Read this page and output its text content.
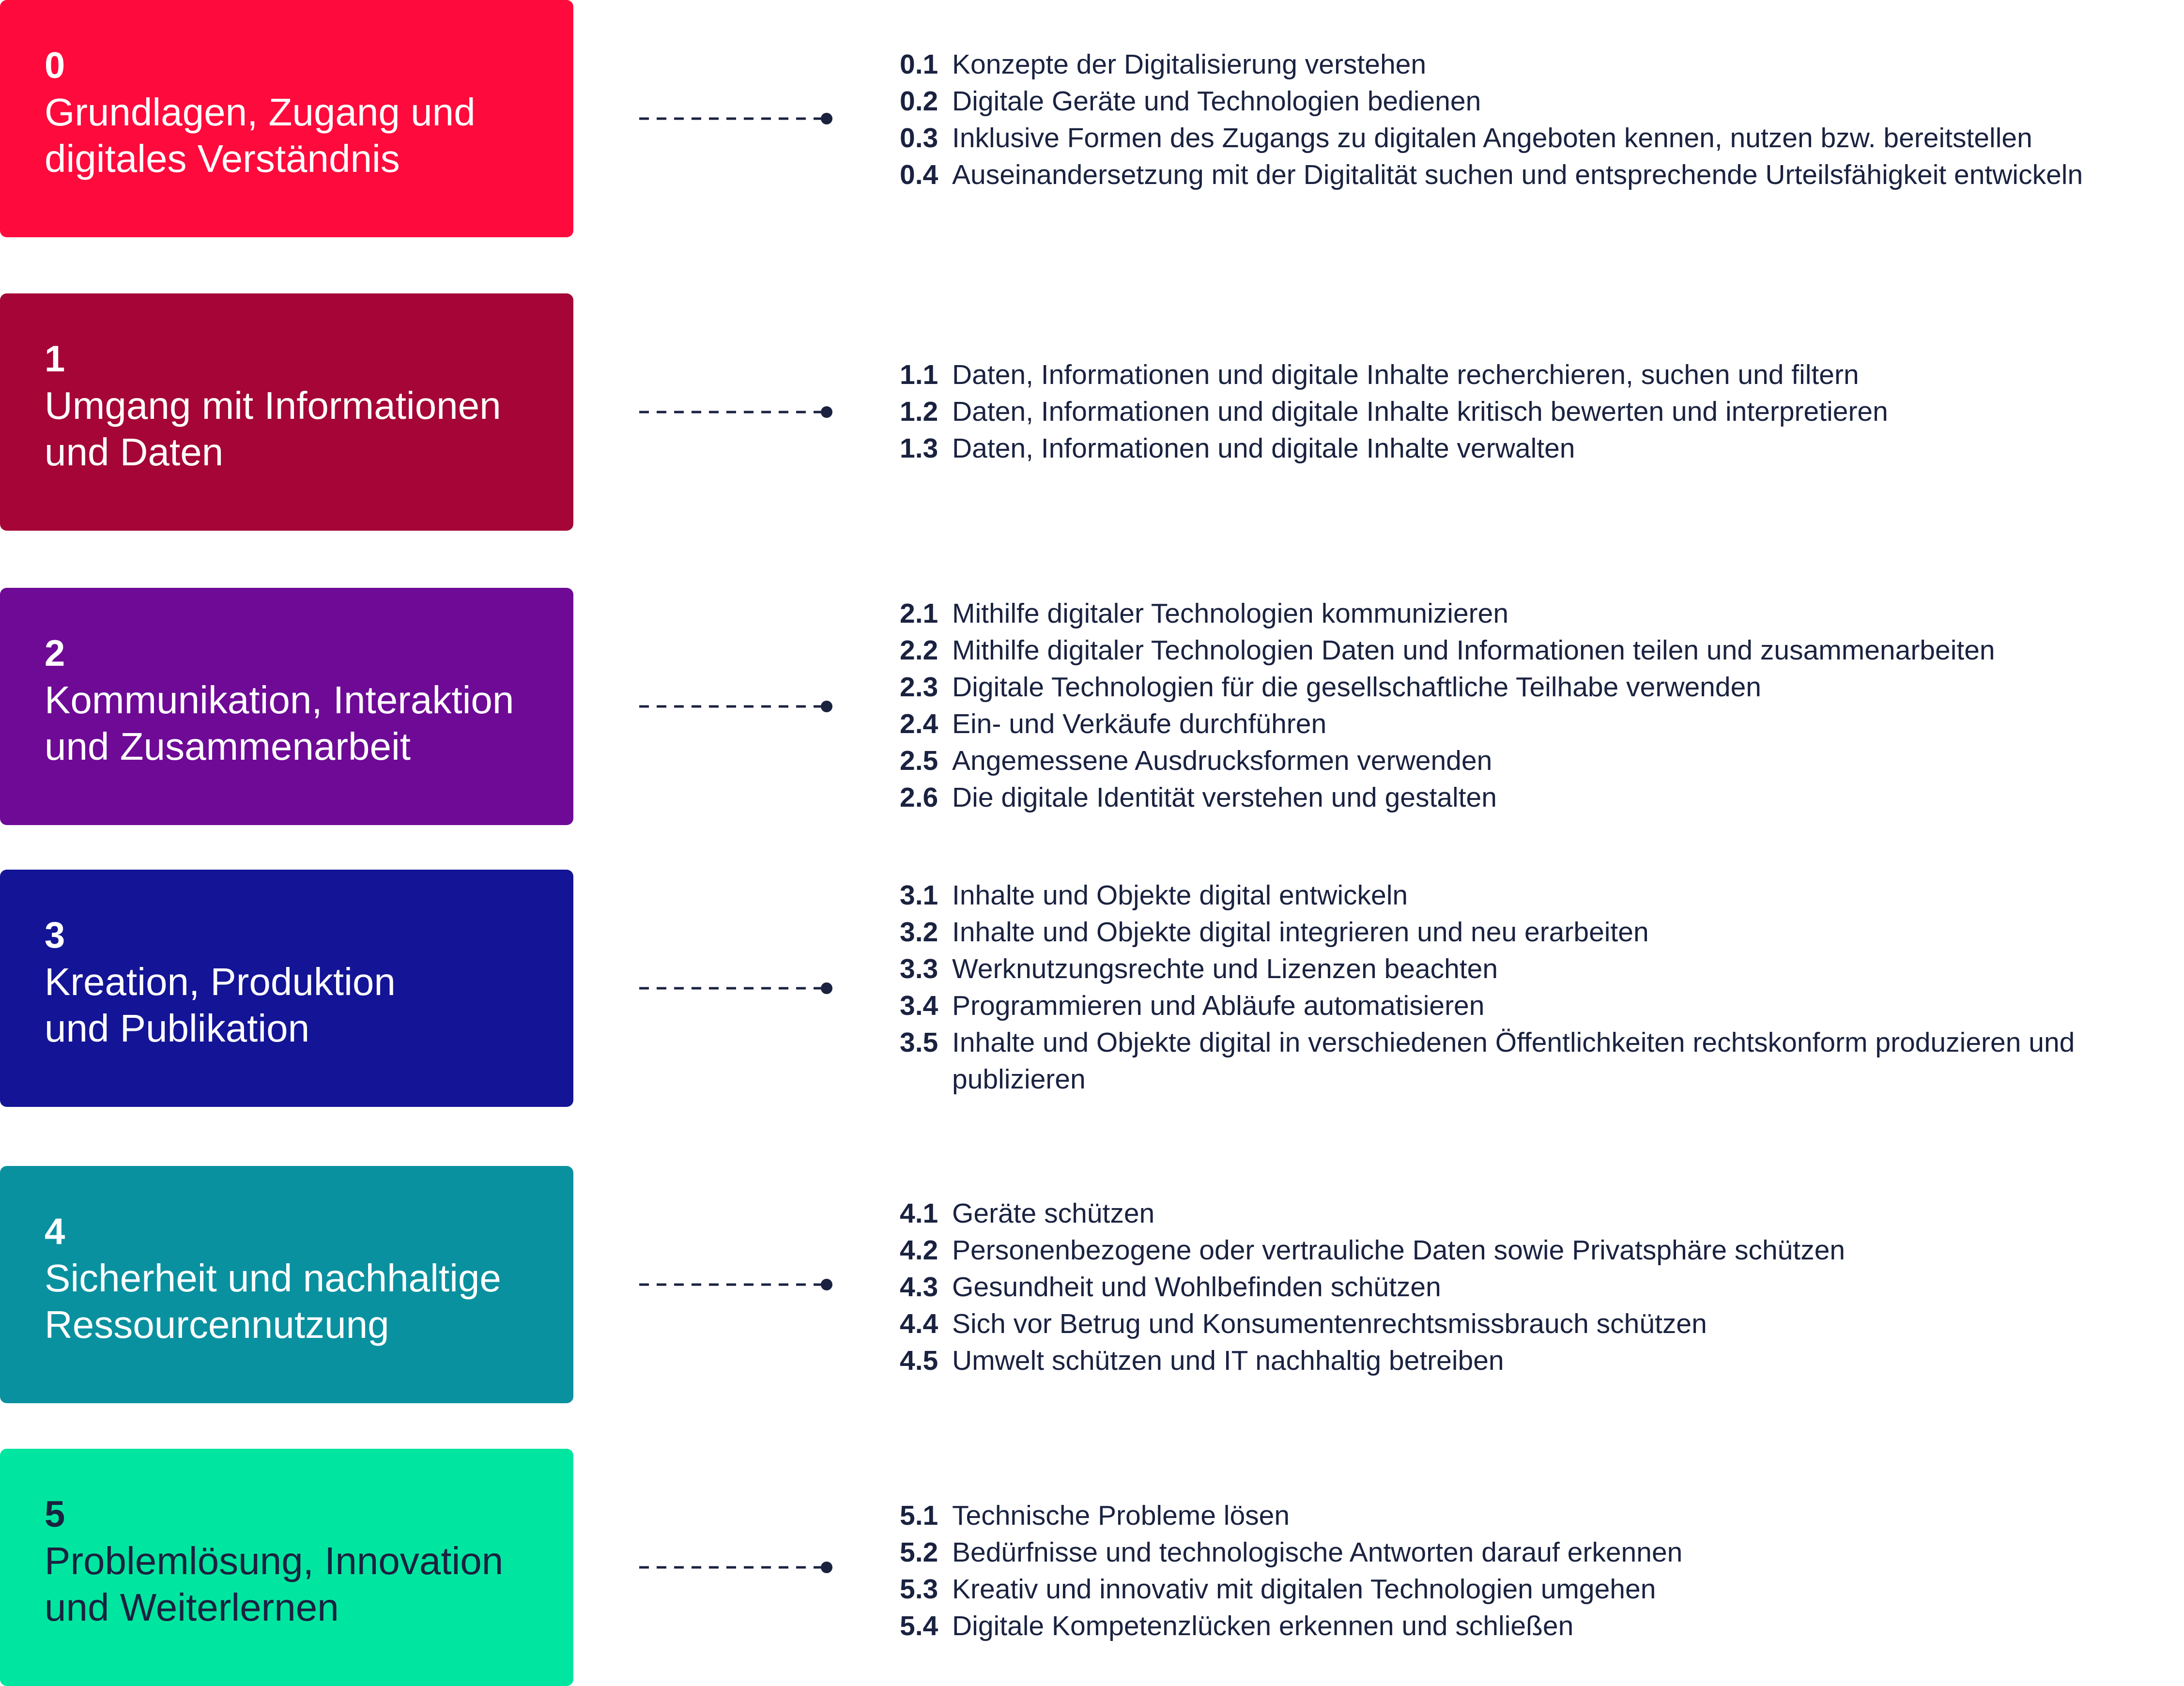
0
Grundlagen, Zugang und
digitales Verständnis
0.1 Konzepte der Digitalisierung verstehen
0.2 Digitale Geräte und Technologien bedienen
0.3 Inklusive Formen des Zugangs zu digitalen Angeboten kennen, nutzen bzw. bereitstellen
0.4 Auseinandersetzung mit der Digitalität suchen und entsprechende Urteilsfähigkeit entwickeln
1
Umgang mit Informationen
und Daten
1.1 Daten, Informationen und digitale Inhalte recherchieren, suchen und filtern
1.2 Daten, Informationen und digitale Inhalte kritisch bewerten und interpretieren
1.3 Daten, Informationen und digitale Inhalte verwalten
2
Kommunikation, Interaktion
und Zusammenarbeit
2.1 Mithilfe digitaler Technologien kommunizieren
2.2 Mithilfe digitaler Technologien Daten und Informationen teilen und zusammenarbeiten
2.3 Digitale Technologien für die gesellschaftliche Teilhabe verwenden
2.4 Ein- und Verkäufe durchführen
2.5 Angemessene Ausdrucksformen verwenden
2.6 Die digitale Identität verstehen und gestalten
3
Kreation, Produktion
und Publikation
3.1 Inhalte und Objekte digital entwickeln
3.2 Inhalte und Objekte digital integrieren und neu erarbeiten
3.3 Werknutzungsrechte und Lizenzen beachten
3.4 Programmieren und Abläufe automatisieren
3.5 Inhalte und Objekte digital in verschiedenen Öffentlichkeiten rechtskonform produzieren und publizieren
4
Sicherheit und nachhaltige
Ressourcennutzung
4.1 Geräte schützen
4.2 Personenbezogene oder vertrauliche Daten sowie Privatsphäre schützen
4.3 Gesundheit und Wohlbefinden schützen
4.4 Sich vor Betrug und Konsumentenrechtsmissbrauch schützen
4.5 Umwelt schützen und IT nachhaltig betreiben
5
Problemlösung, Innovation
und Weiterlernen
5.1 Technische Probleme lösen
5.2 Bedürfnisse und technologische Antworten darauf erkennen
5.3 Kreativ und innovativ mit digitalen Technologien umgehen
5.4 Digitale Kompetenzlücken erkennen und schließen
